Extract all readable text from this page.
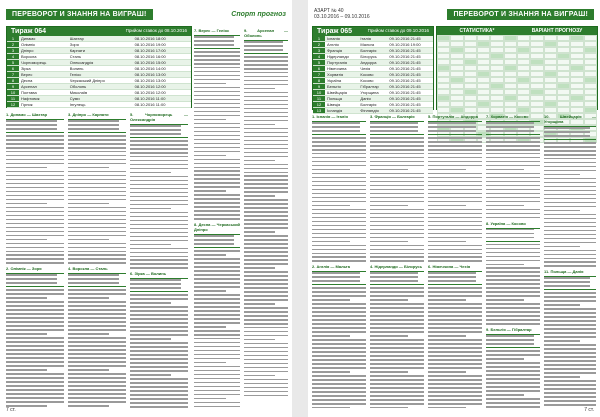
ПЕРЕВОРОТ И ЗНАННЯ НА ВИГРАШ!	Спорт прогноз
Тираж 064	Прийом ставок до 08.10.2016
1	Динамо	Шахтар	08.10.2016 18:00
2	Олімпік	Зоря	08.10.2016 19:00
3	Дніпро	Карпати	08.10.2016 17:00
4	Ворскла	Сталь	08.10.2016 16:00
5	Чорноморець	Олександрія	08.10.2016 15:00
6	Зірка	Волинь	08.10.2016 14:00
7	Верес	Геліос	08.10.2016 13:00
8	Десна	Черкаський Дніпро	08.10.2016 13:00
9	Арсенал	Оболонь	08.10.2016 12:00
10	Полтава	Миколаїв	08.10.2016 12:00
11	Нафтовик	Суми	08.10.2016 11:00
12	Гірник	Інгулець	08.10.2016 11:00
1. Динамо — Шахтар
2. Олімпік — Зоря
3. Дніпро — Карпати
4. Ворскла — Сталь
5. Чорноморець — Олександрія
6. Зірка — Волинь
7. Верес — Геліос
8. Десна — Черкаський Дніпро
9. Арсенал — Оболонь
7 ст.
АЗАРТ № 40
03.10.2016 – 09.10.2016	ПЕРЕВОРОТ И ЗНАННЯ НА ВИГРАШ!
Тираж 065	Прийом ставок до 09.10.2016
1	Іспанія	Італія	09.10.2016 21:45
2	Англія	Мальта	09.10.2016 19:00
3	Франція	Болгарія	09.10.2016 21:45
4	Нідерланди	Білорусь	09.10.2016 21:45
5	Португалія	Андорра	09.10.2016 21:45
6	Німеччина	Чехія	09.10.2016 21:45
7	Хорватія	Косово	09.10.2016 21:45
8	Україна	Косово	09.10.2016 21:45
9	Бельгія	Гібралтар	09.10.2016 21:45
10	Швейцарія	Угорщина	09.10.2016 21:45
11	Польща	Данія	09.10.2016 21:45
12	Швеція	Болгарія	09.10.2016 21:45
13	Ісландія	Фінляндія	09.10.2016 21:45
СТАТИСТИКА*	ВАРІАНТ ПРОГНОЗУ
1. Іспанія — Італія
2. Англія — Мальта
3. Франція — Болгарія
4. Нідерланди — Білорусь
5. Португалія — Андорра
6. Німеччина — Чехія
7. Хорватія — Косово
8. Україна — Косово
9. Бельгія — Гібралтар
10. Швейцарія — Угорщина
11. Польща — Данія
7 ст.
